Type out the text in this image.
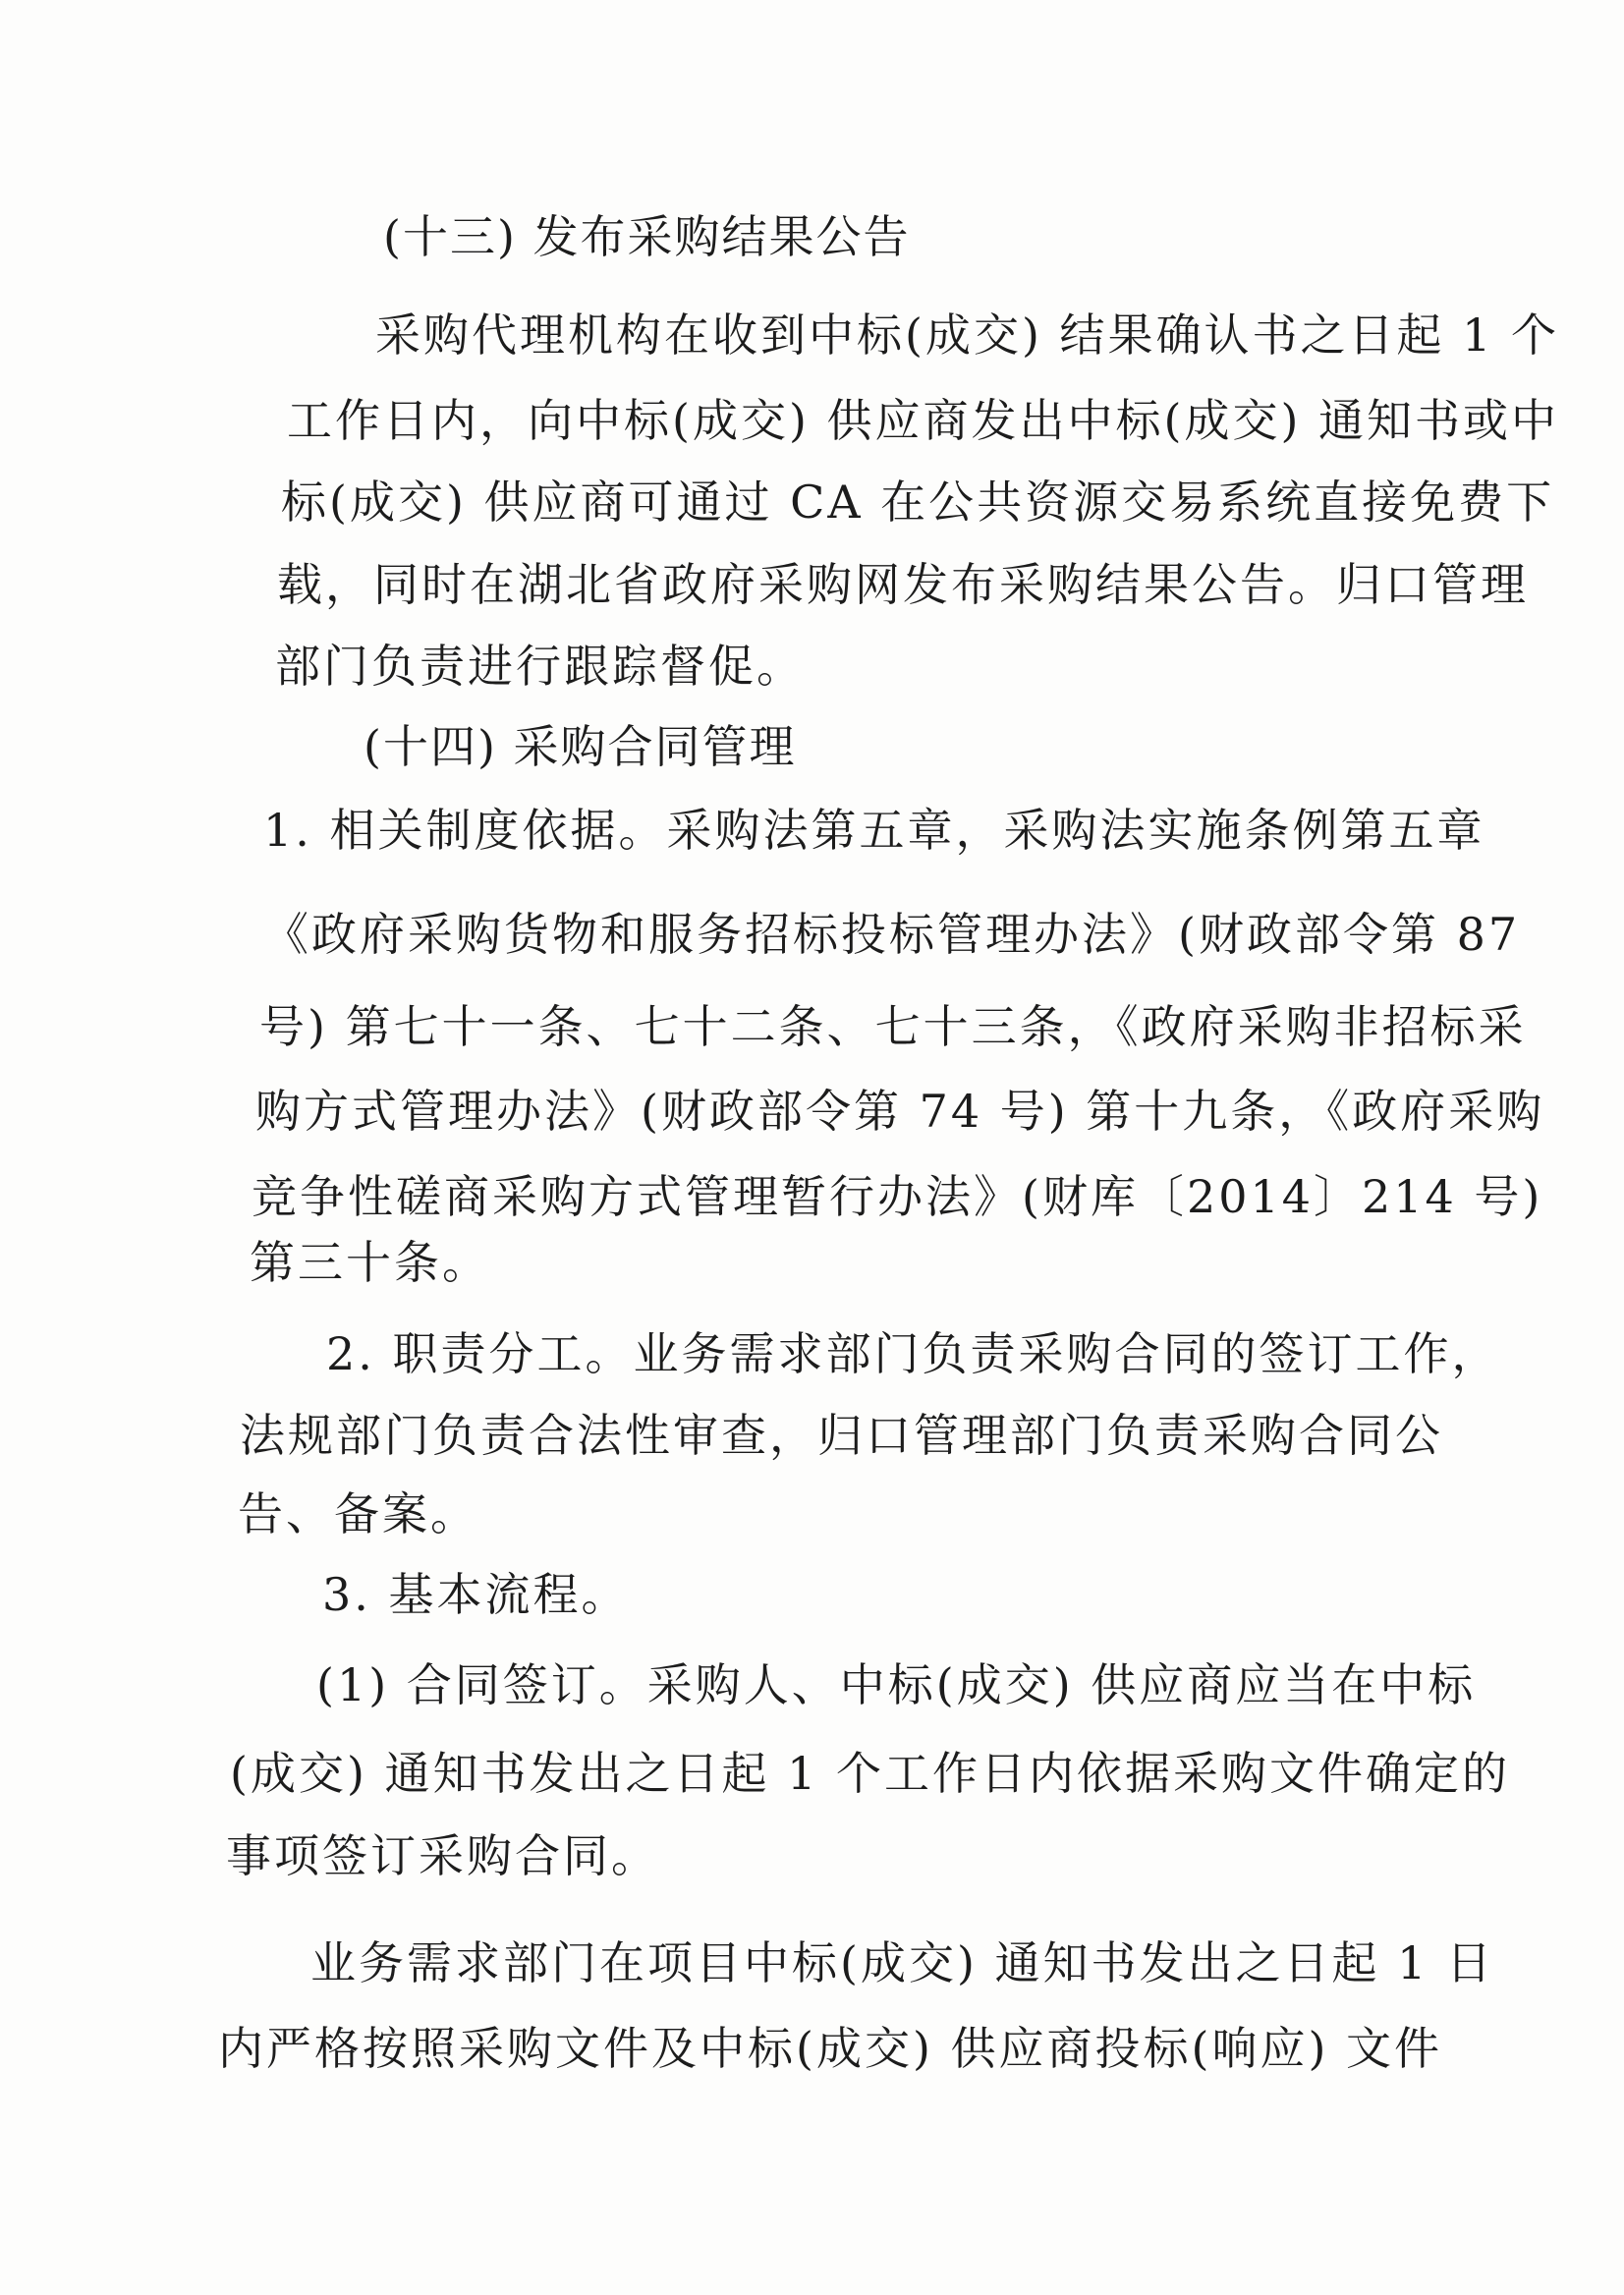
(十三) 发布采购结果公告
采购代理机构在收到中标(成交) 结果确认书之日起 1 个
工作日内，向中标(成交) 供应商发出中标(成交) 通知书或中
标(成交) 供应商可通过 CA 在公共资源交易系统直接免费下
载，同时在湖北省政府采购网发布采购结果公告。归口管理
部门负责进行跟踪督促。
(十四) 采购合同管理
1. 相关制度依据。采购法第五章，采购法实施条例第五章
《政府采购货物和服务招标投标管理办法》(财政部令第 87
号) 第七十一条、七十二条、七十三条，《政府采购非招标采
购方式管理办法》(财政部令第 74 号) 第十九条，《政府采购
竞争性磋商采购方式管理暂行办法》(财库〔2014〕214 号)
第三十条。
2. 职责分工。业务需求部门负责采购合同的签订工作，
法规部门负责合法性审查，归口管理部门负责采购合同公
告、备案。
3. 基本流程。
(1) 合同签订。采购人、中标(成交) 供应商应当在中标
(成交) 通知书发出之日起 1 个工作日内依据采购文件确定的
事项签订采购合同。
业务需求部门在项目中标(成交) 通知书发出之日起 1 日
内严格按照采购文件及中标(成交) 供应商投标(响应) 文件
